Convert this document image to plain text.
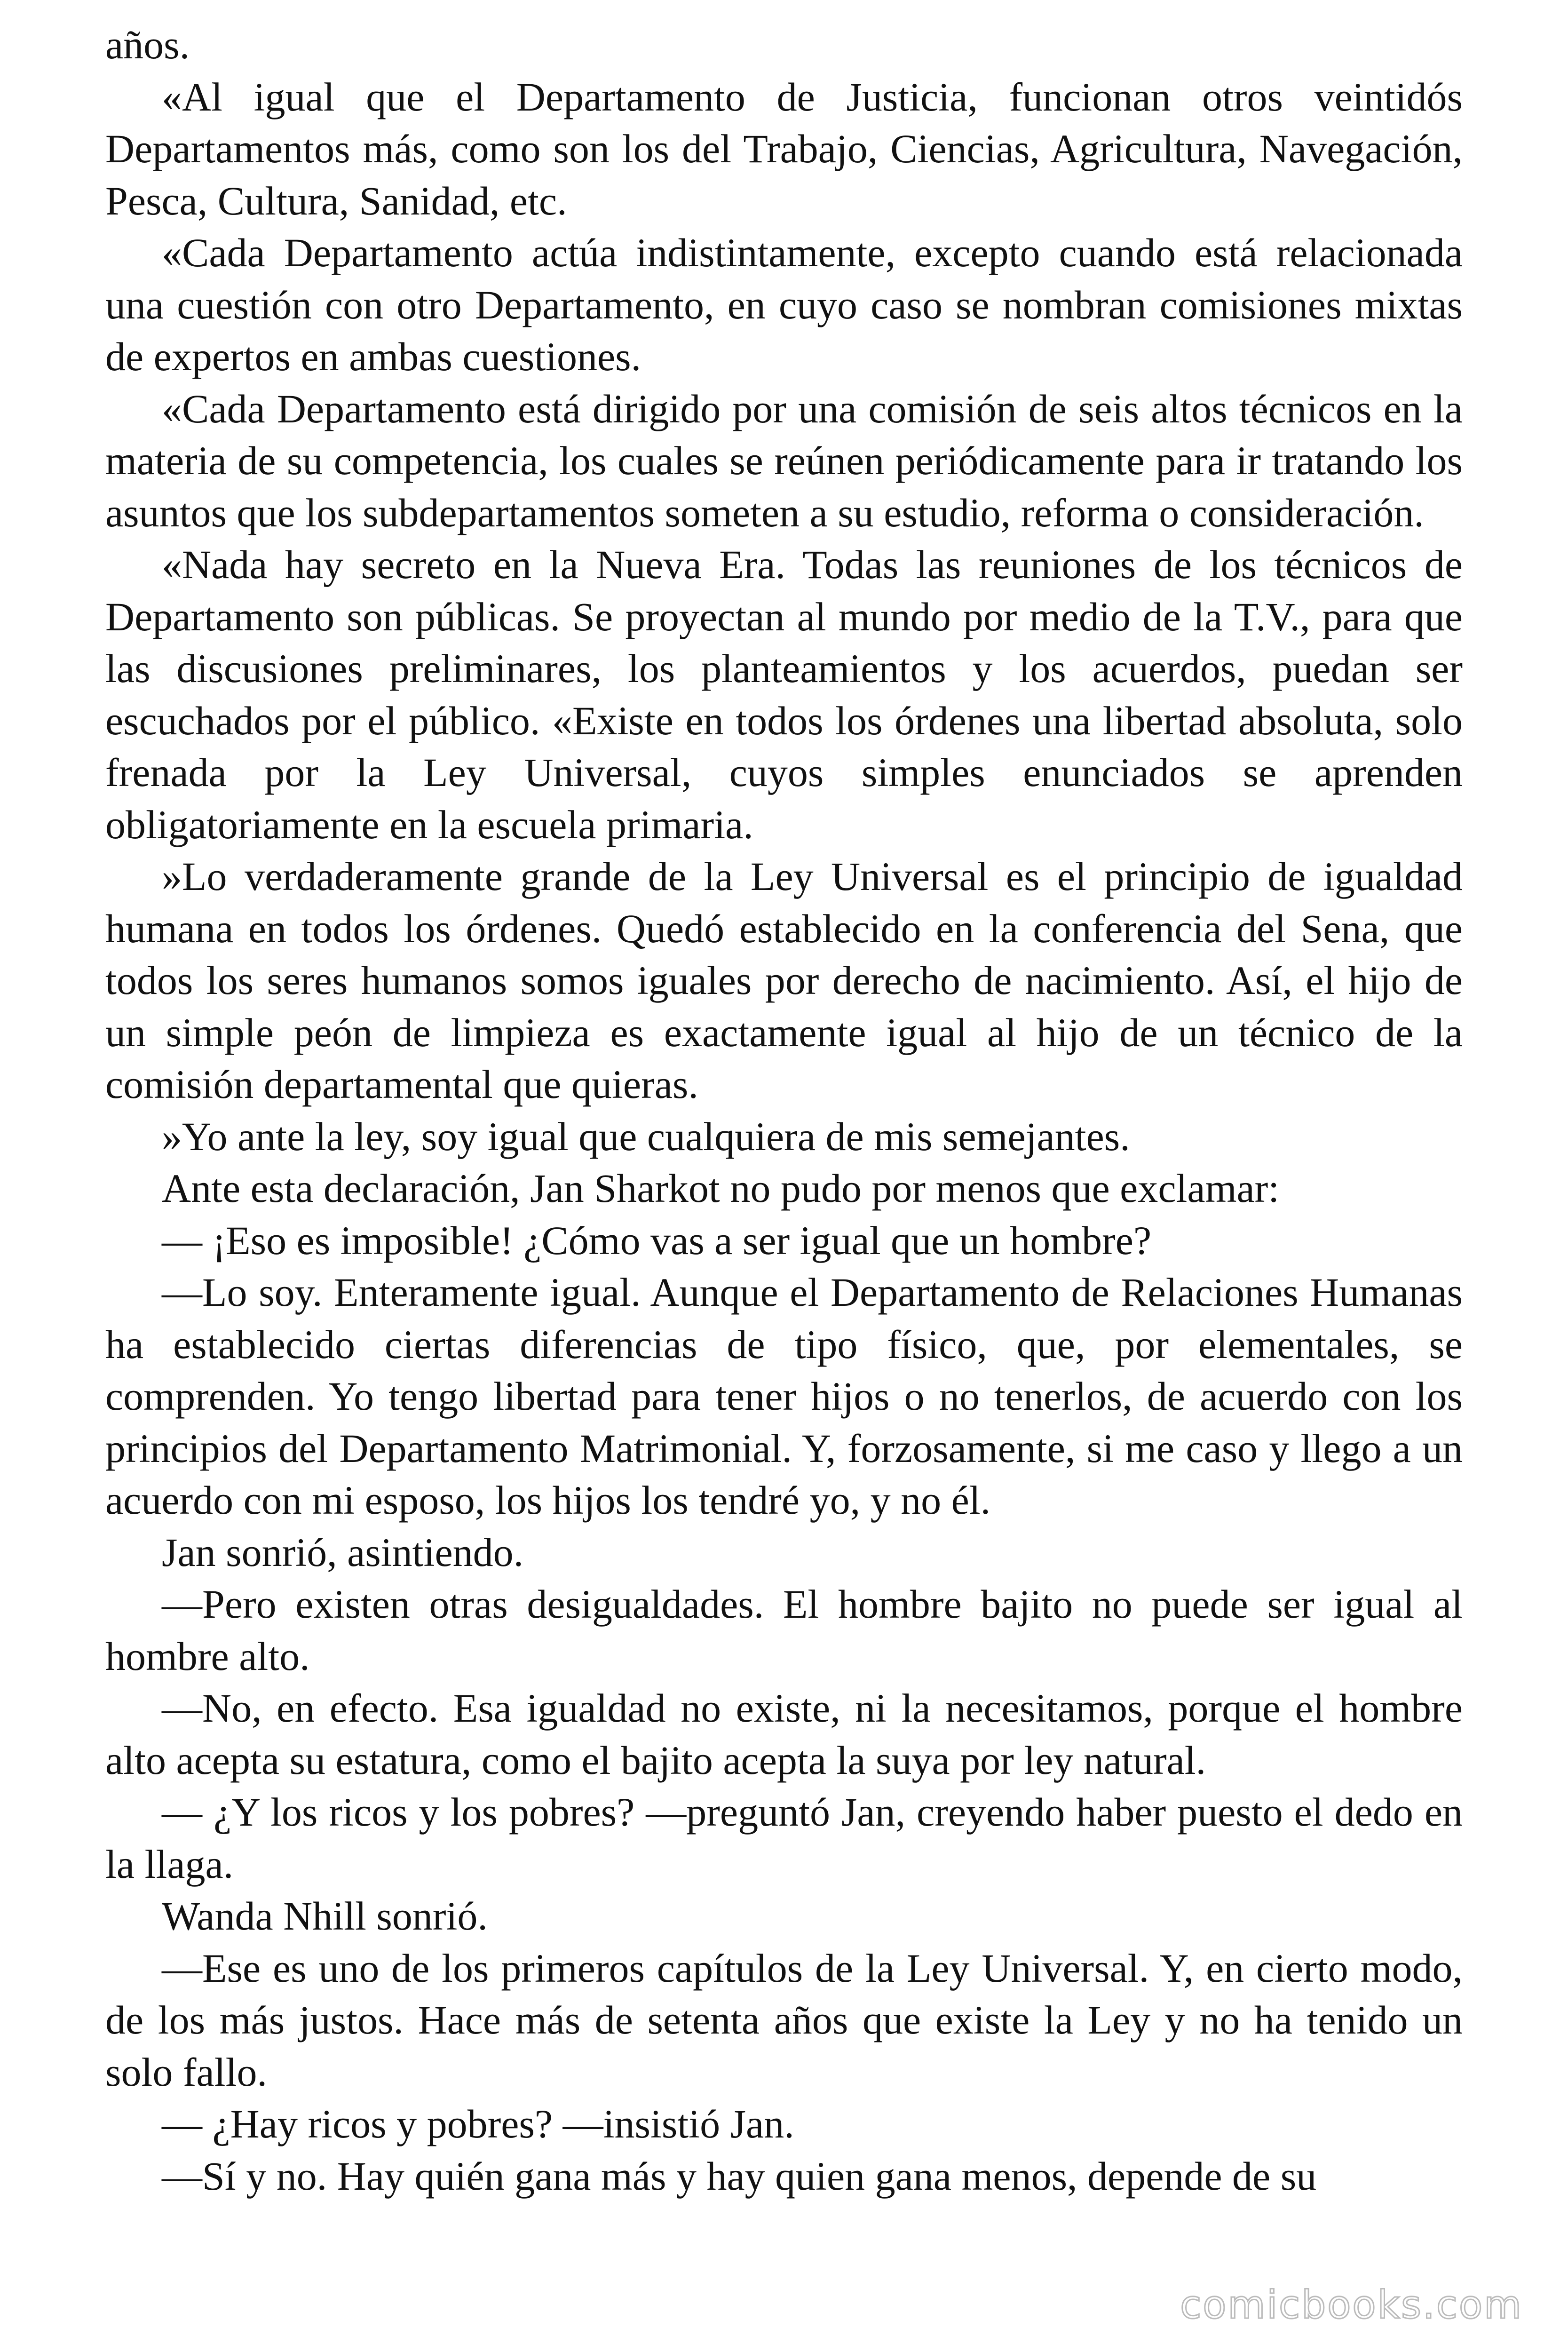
años.

«Al igual que el Departamento de Justicia, funcionan otros veintidós Departamentos más, como son los del Trabajo, Ciencias, Agricultura, Navegación, Pesca, Cultura, Sanidad, etc.

«Cada Departamento actúa indistintamente, excepto cuando está relacionada una cuestión con otro Departamento, en cuyo caso se nombran comisiones mixtas de expertos en ambas cuestiones.

«Cada Departamento está dirigido por una comisión de seis altos técnicos en la materia de su competencia, los cuales se reúnen periódicamente para ir tratando los asuntos que los subdepartamentos someten a su estudio, reforma o consideración.

«Nada hay secreto en la Nueva Era. Todas las reuniones de los técnicos de Departamento son públicas. Se proyectan al mundo por medio de la T.V., para que las discusiones preliminares, los planteamientos y los acuerdos, puedan ser escuchados por el público. «Existe en todos los órdenes una libertad absoluta, solo frenada por la Ley Universal, cuyos simples enunciados se aprenden obligatoriamente en la escuela primaria.

»Lo verdaderamente grande de la Ley Universal es el principio de igualdad humana en todos los órdenes. Quedó establecido en la conferencia del Sena, que todos los seres humanos somos iguales por derecho de nacimiento. Así, el hijo de un simple peón de limpieza es exactamente igual al hijo de un técnico de la comisión departamental que quieras.

»Yo ante la ley, soy igual que cualquiera de mis semejantes.

Ante esta declaración, Jan Sharkot no pudo por menos que exclamar:

— ¡Eso es imposible! ¿Cómo vas a ser igual que un hombre?

—Lo soy. Enteramente igual. Aunque el Departamento de Relaciones Humanas ha establecido ciertas diferencias de tipo físico, que, por elementales, se comprenden. Yo tengo libertad para tener hijos o no tenerlos, de acuerdo con los principios del Departamento Matrimonial. Y, forzosamente, si me caso y llego a un acuerdo con mi esposo, los hijos los tendré yo, y no él.

Jan sonrió, asintiendo.

—Pero existen otras desigualdades. El hombre bajito no puede ser igual al hombre alto.

—No, en efecto. Esa igualdad no existe, ni la necesitamos, porque el hombre alto acepta su estatura, como el bajito acepta la suya por ley natural.

— ¿Y los ricos y los pobres? —preguntó Jan, creyendo haber puesto el dedo en la llaga.

Wanda Nhill sonrió.

—Ese es uno de los primeros capítulos de la Ley Universal. Y, en cierto modo, de los más justos. Hace más de setenta años que existe la Ley y no ha tenido un solo fallo.

— ¿Hay ricos y pobres? —insistió Jan.

—Sí y no. Hay quién gana más y hay quien gana menos, depende de su

comicbooks.com
